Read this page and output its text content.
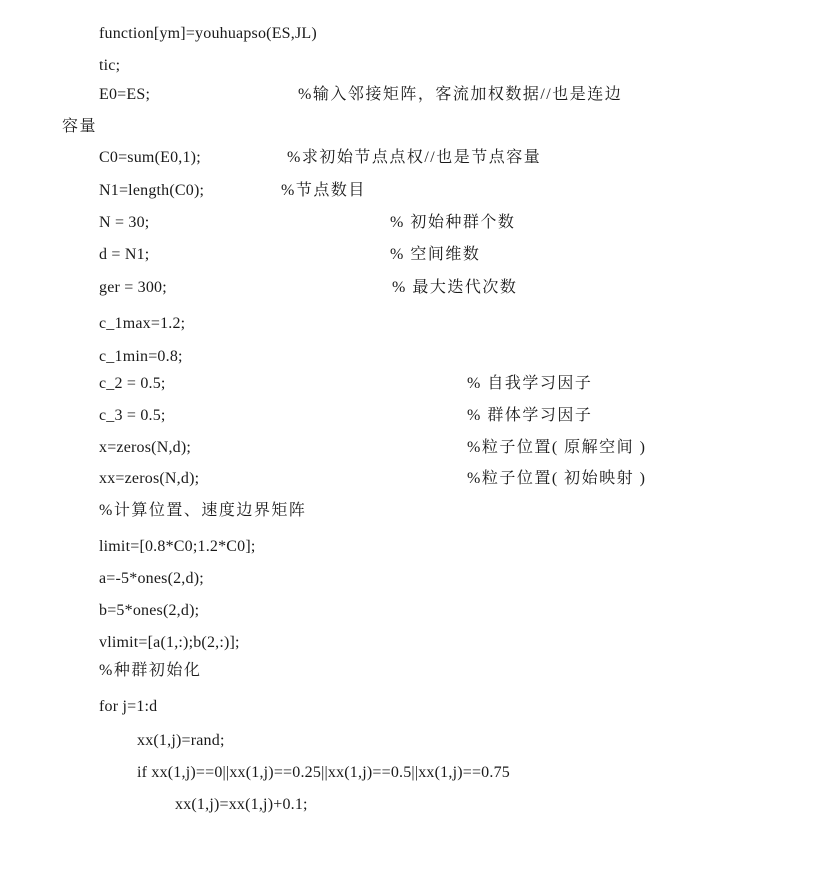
function[ym]=youhuapso(ES,JL)
tic;
E0=ES;	%输入邻接矩阵，客流加权数据//也是连边
容量
C0=sum(E0,1);	%求初始节点点权//也是节点容量
N1=length(C0);	%节点数目
N = 30;	% 初始种群个数
d = N1;	% 空间维数
ger = 300;	% 最大迭代次数
c_1max=1.2;
c_1min=0.8;
c_2 = 0.5;	% 自我学习因子
c_3 = 0.5;	% 群体学习因子
x=zeros(N,d);	%粒子位置( 原解空间 )
xx=zeros(N,d);	%粒子位置( 初始映射 )
%计算位置、速度边界矩阵
limit=[0.8*C0;1.2*C0];
a=-5*ones(2,d);
b=5*ones(2,d);
vlimit=[a(1,:);b(2,:)];
%种群初始化
for j=1:d
xx(1,j)=rand;
if xx(1,j)==0||xx(1,j)==0.25||xx(1,j)==0.5||xx(1,j)==0.75
xx(1,j)=xx(1,j)+0.1;
